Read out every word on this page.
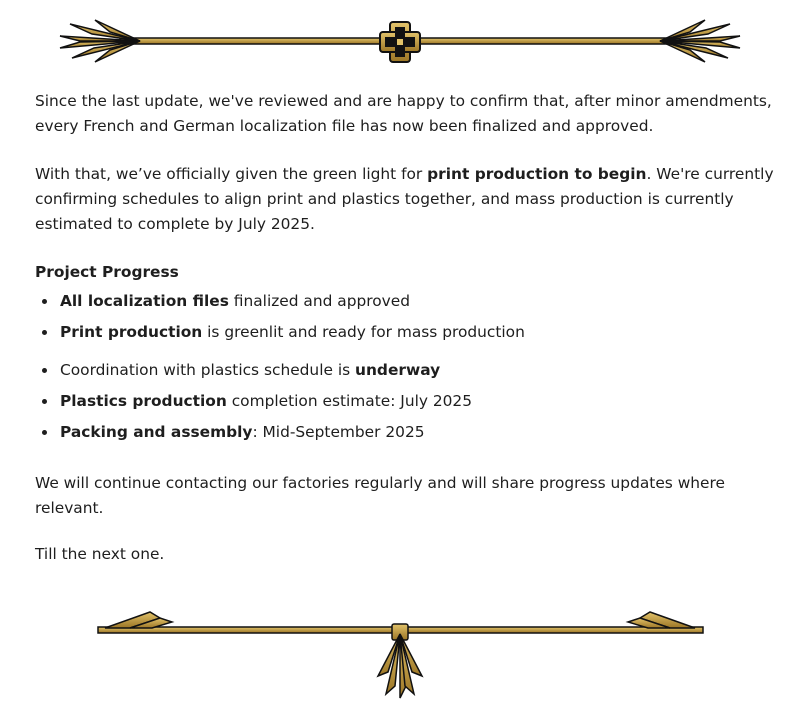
Since the last update, we've reviewed and are happy to confirm that, after minor amendments, every French and German localization file has now been finalized and approved.

With that, we’ve officially given the green light for print production to begin. We're currently confirming schedules to align print and plastics together, and mass production is currently estimated to complete by July 2025.

Project Progress

All localization files finalized and approved
Print production is greenlit and ready for mass production
Coordination with plastics schedule is underway
Plastics production completion estimate: July 2025
Packing and assembly: Mid-September 2025

We will continue contacting our factories regularly and will share progress updates where relevant.

Till the next one.
